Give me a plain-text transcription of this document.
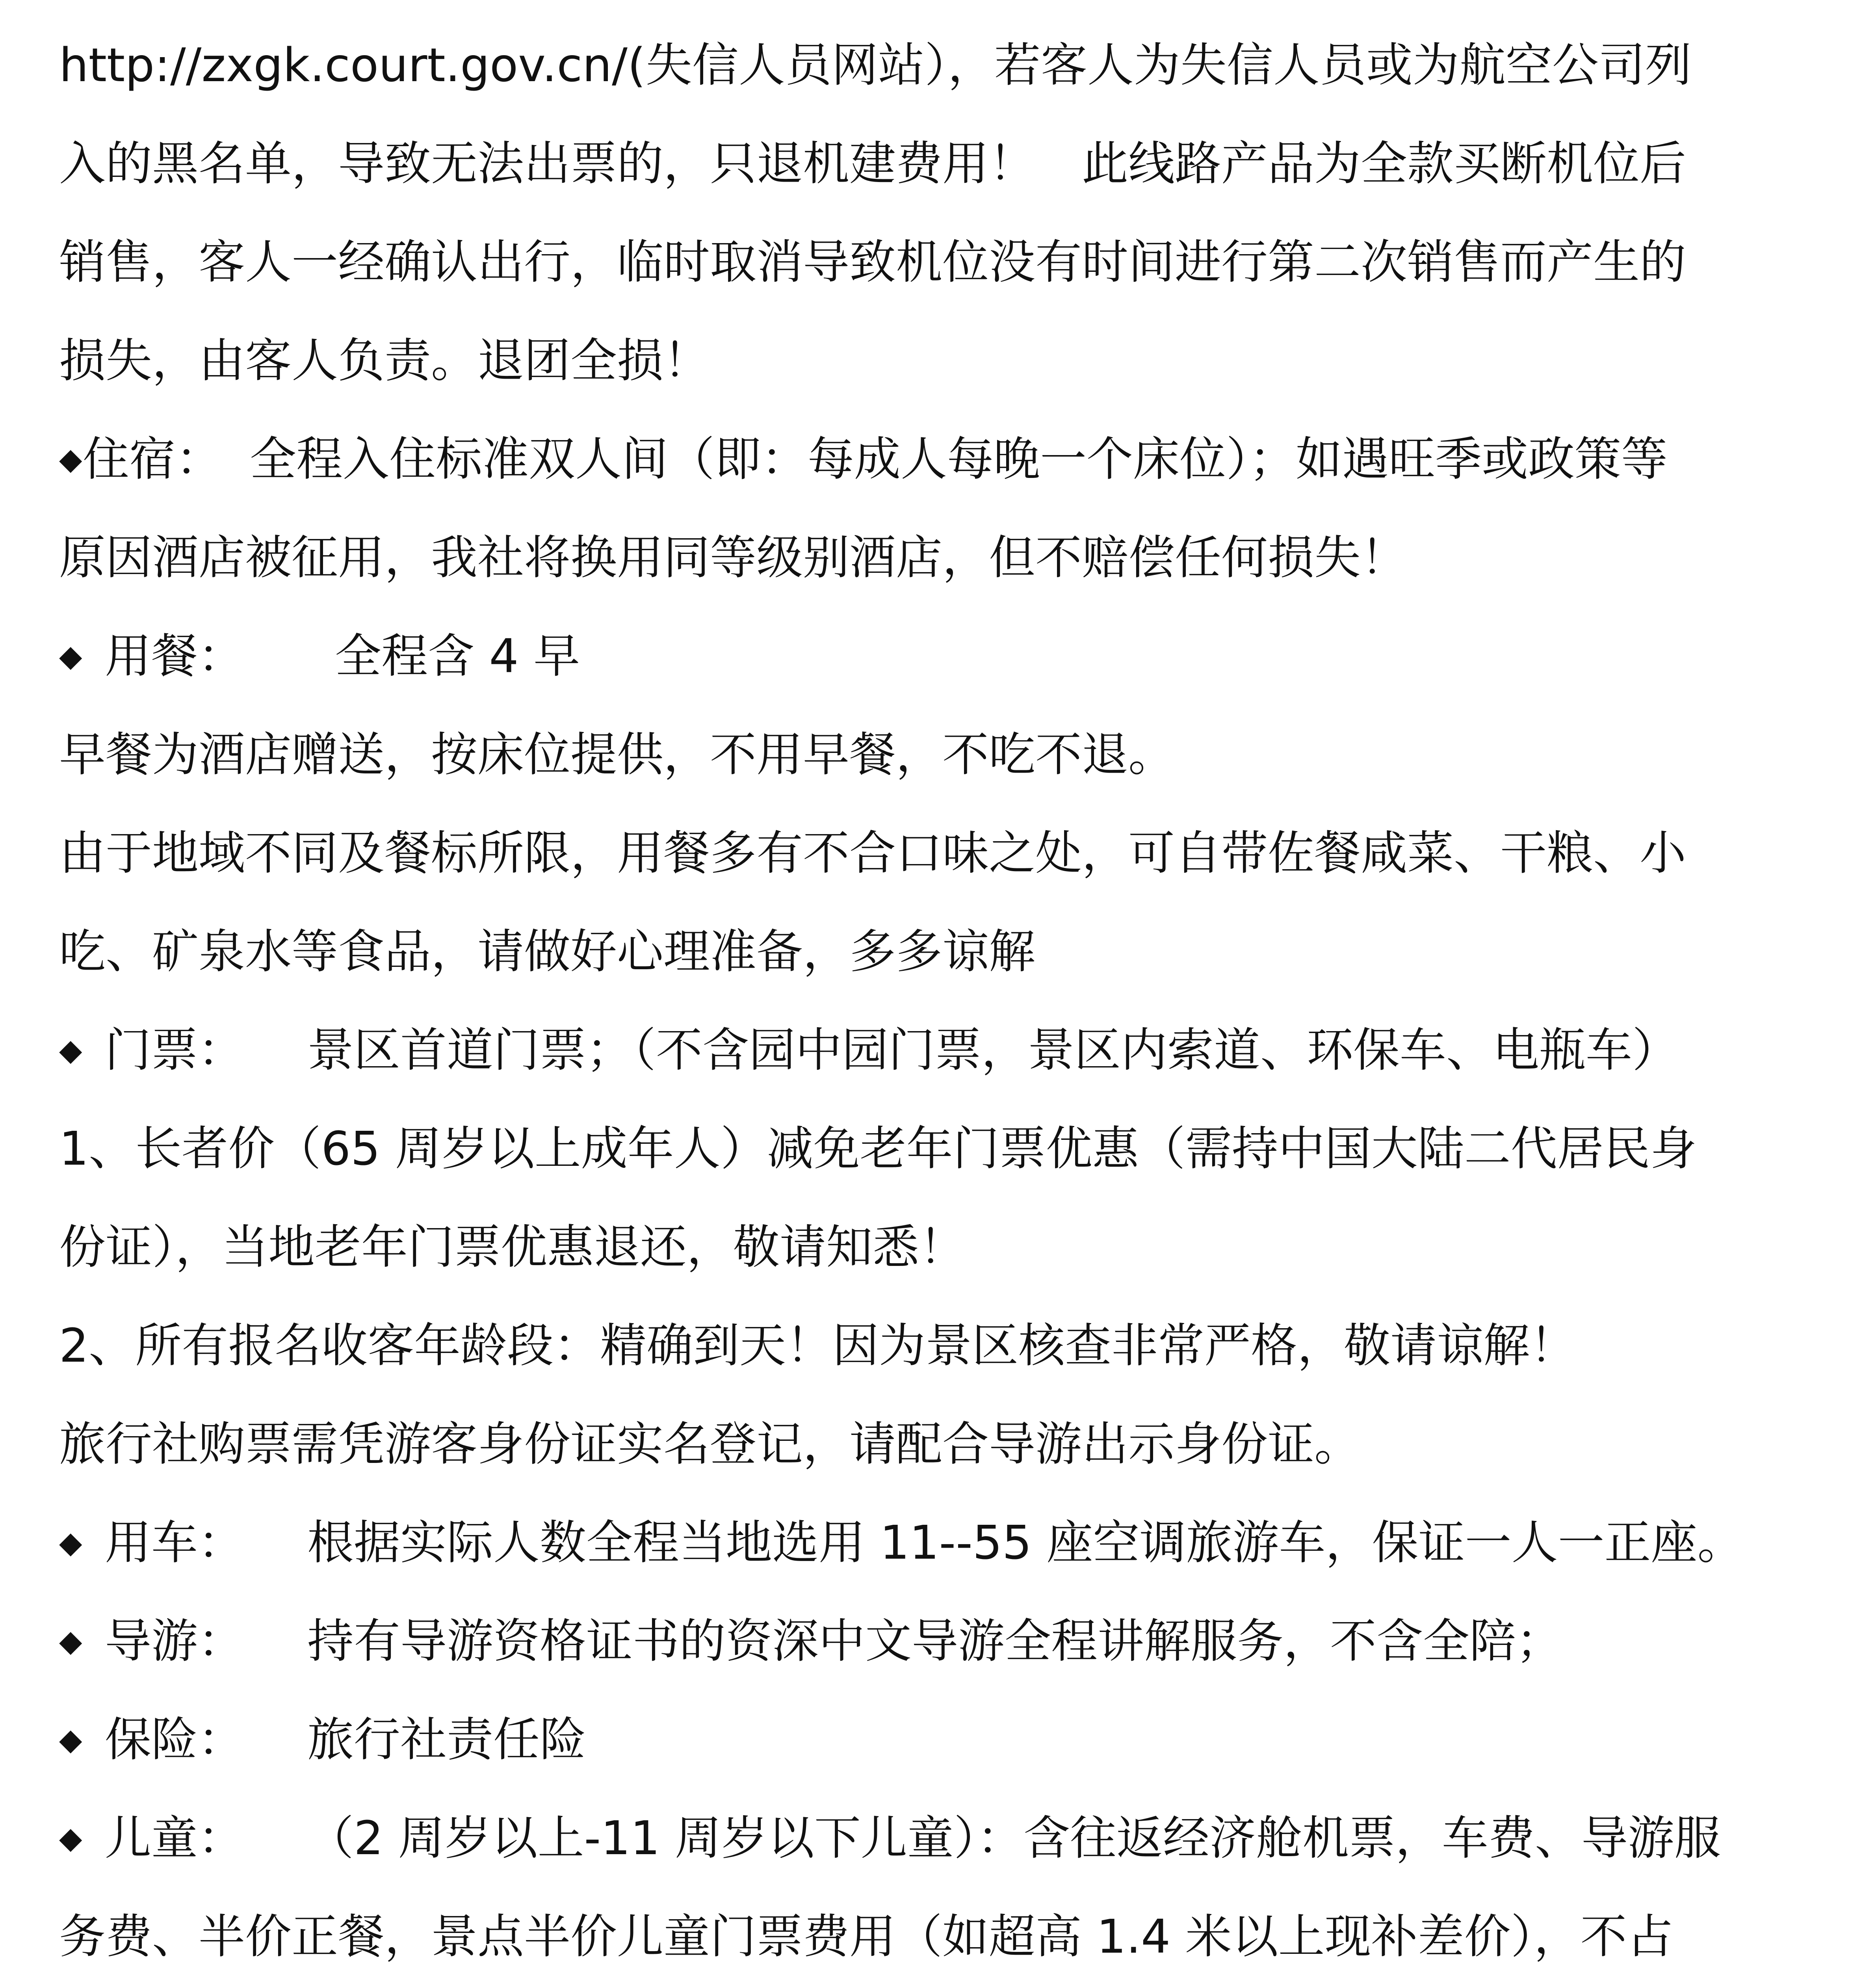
http://zxgk.court.gov.cn/(失信人员网站），若客人为失信人员或为航空公司列
入的黑名单，导致无法出票的，只退机建费用！　此线路产品为全款买断机位后
销售，客人一经确认出行，临时取消导致机位没有时间进行第二次销售而产生的
损失，由客人负责。退团全损！
◆住宿： 全程入住标准双人间（即：每成人每晚一个床位）；如遇旺季或政策等
原因酒店被征用，我社将换用同等级别酒店，但不赔偿任何损失！
◆ 用餐： 全程含 4 早
早餐为酒店赠送，按床位提供，不用早餐，不吃不退。
由于地域不同及餐标所限，用餐多有不合口味之处，可自带佐餐咸菜、干粮、小
吃、矿泉水等食品，请做好心理准备，多多谅解
◆ 门票： 景区首道门票；（不含园中园门票，景区内索道、环保车、电瓶车）
1、长者价（65 周岁以上成年人）减免老年门票优惠（需持中国大陆二代居民身
份证），当地老年门票优惠退还，敬请知悉！
2、所有报名收客年龄段：精确到天！因为景区核查非常严格，敬请谅解！
旅行社购票需凭游客身份证实名登记，请配合导游出示身份证。
◆ 用车： 根据实际人数全程当地选用 11--55 座空调旅游车，保证一人一正座。
◆ 导游： 持有导游资格证书的资深中文导游全程讲解服务，不含全陪；
◆ 保险： 旅行社责任险
◆ 儿童： （2 周岁以上-11 周岁以下儿童）：含往返经济舱机票，车费、导游服
务费、半价正餐，景点半价儿童门票费用（如超高 1.4 米以上现补差价），不占
